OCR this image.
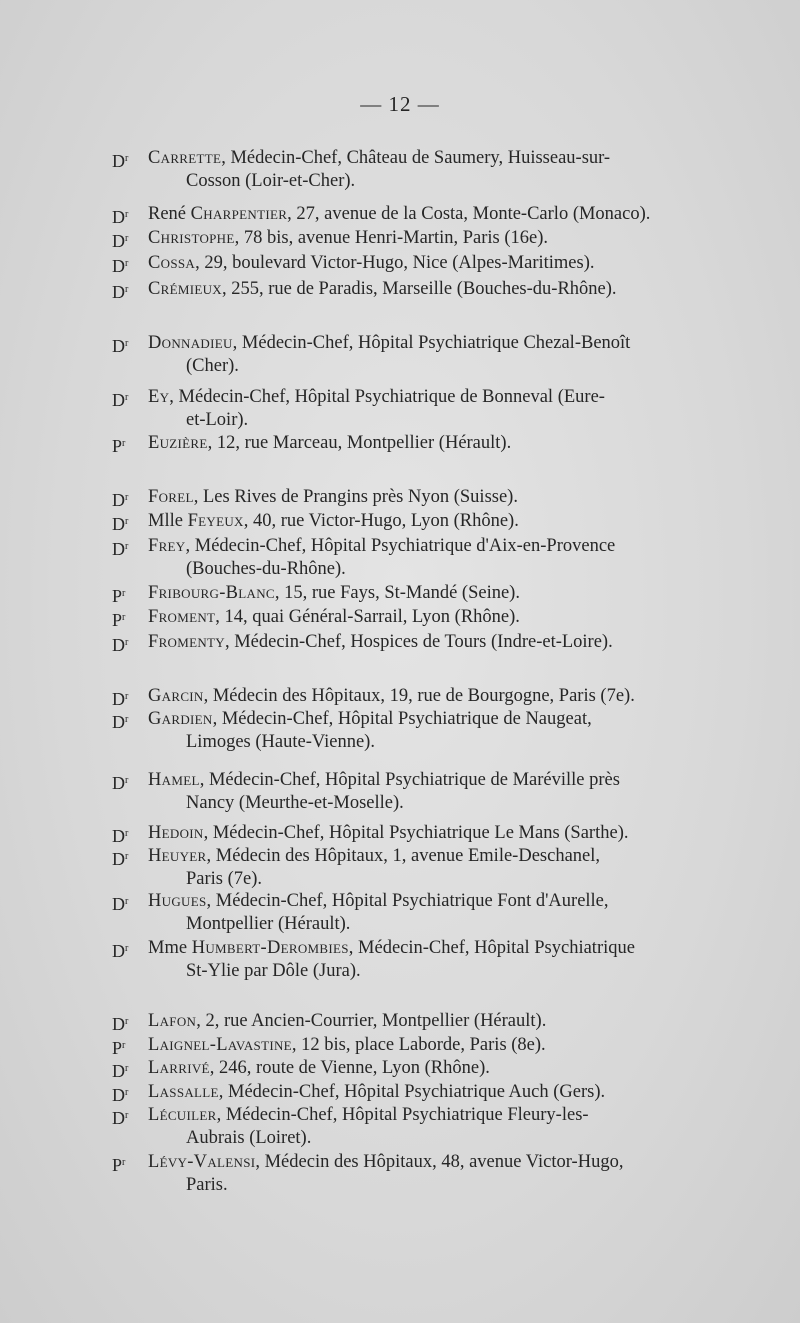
— 12 —
$D^r$ Carrette, Médecin-Chef, Château de Saumery, Huisseau-sur-
Cosson (Loir-et-Cher).
$D^r$ René Charpentier, 27, avenue de la Costa, Monte-Carlo (Monaco).
$D^r$ Christophe, 78 bis, avenue Henri-Martin, Paris (16e).
$D^r$ Cossa, 29, boulevard Victor-Hugo, Nice (Alpes-Maritimes).
$D^r$ Crémieux, 255, rue de Paradis, Marseille (Bouches-du-Rhône).
$D^r$ Donnadieu, Médecin-Chef, Hôpital Psychiatrique Chezal-Benoît
(Cher).
$D^r$ Ey, Médecin-Chef, Hôpital Psychiatrique de Bonneval (Eure-
et-Loir).
$P^r$ Euzière, 12, rue Marceau, Montpellier (Hérault).
$D^r$ Forel, Les Rives de Prangins près Nyon (Suisse).
$D^r$ Mlle Feyeux, 40, rue Victor-Hugo, Lyon (Rhône).
$D^r$ Frey, Médecin-Chef, Hôpital Psychiatrique d'Aix-en-Provence
(Bouches-du-Rhône).
$P^r$ Fribourg-Blanc, 15, rue Fays, St-Mandé (Seine).
$P^r$ Froment, 14, quai Général-Sarrail, Lyon (Rhône).
$D^r$ Fromenty, Médecin-Chef, Hospices de Tours (Indre-et-Loire).
$D^r$ Garcin, Médecin des Hôpitaux, 19, rue de Bourgogne, Paris (7e).
$D^r$ Gardien, Médecin-Chef, Hôpital Psychiatrique de Naugeat,
Limoges (Haute-Vienne).
$D^r$ Hamel, Médecin-Chef, Hôpital Psychiatrique de Maréville près
Nancy (Meurthe-et-Moselle).
$D^r$ Hedoin, Médecin-Chef, Hôpital Psychiatrique Le Mans (Sarthe).
$D^r$ Heuyer, Médecin des Hôpitaux, 1, avenue Emile-Deschanel,
Paris (7e).
$D^r$ Hugues, Médecin-Chef, Hôpital Psychiatrique Font d'Aurelle,
Montpellier (Hérault).
$D^r$ Mme Humbert-Derombies, Médecin-Chef, Hôpital Psychiatrique
St-Ylie par Dôle (Jura).
$D^r$ Lafon, 2, rue Ancien-Courrier, Montpellier (Hérault).
$P^r$ Laignel-Lavastine, 12 bis, place Laborde, Paris (8e).
$D^r$ Larrivé, 246, route de Vienne, Lyon (Rhône).
$D^r$ Lassalle, Médecin-Chef, Hôpital Psychiatrique Auch (Gers).
$D^r$ Lécuiler, Médecin-Chef, Hôpital Psychiatrique Fleury-les-
Aubrais (Loiret).
$P^r$ Lévy-Valensi, Médecin des Hôpitaux, 48, avenue Victor-Hugo,
Paris.
